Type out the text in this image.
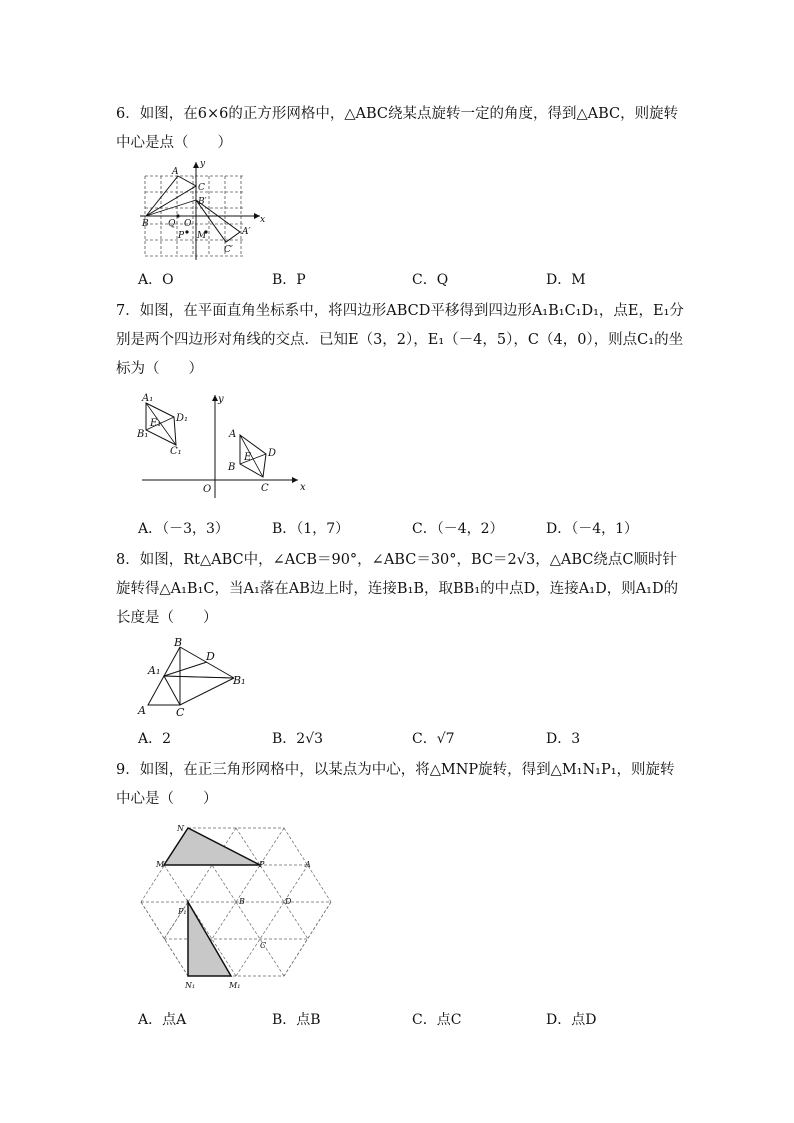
6．如图，在6×6的正方形网格中，△ABC绕某点旋转一定的角度，得到△ABC，则旋转中心是点（　　）
A
C
B′
B Q O
P M	A′
C′
x
y
A．O	B．P	C．Q	D．M
7．如图，在平面直角坐标系中，将四边形ABCD平移得到四边形A₁B₁C₁D₁，点E，E₁分别是两个四边形对角线的交点．已知E（3，2），E₁（－4，5），C（4，0），则点C₁的坐标为（　　）
A₁
D₁
E₁
B₁
C₁
A
D
E
B
C
O	x
y
A．（－3，3）	B．（1，7）	C．（－4，2）	D．（－4，1）
8．如图，Rt△ABC中，∠ACB＝90°，∠ABC＝30°，BC＝2√3，△ABC绕点C顺时针旋转得△A₁B₁C，当A₁落在AB边上时，连接B₁B，取BB₁的中点D，连接A₁D，则A₁D的长度是（　　）
B
D
A₁
B₁
A	C
A．2	B．2√3	C．√7	D．3
9．如图，在正三角形网格中，以某点为中心，将△MNP旋转，得到△M₁N₁P₁，则旋转中心是（　　）
N
M	P	A
B	D
P₁
C
N₁	M₁
A．点A	B．点B	C．点C	D．点D
